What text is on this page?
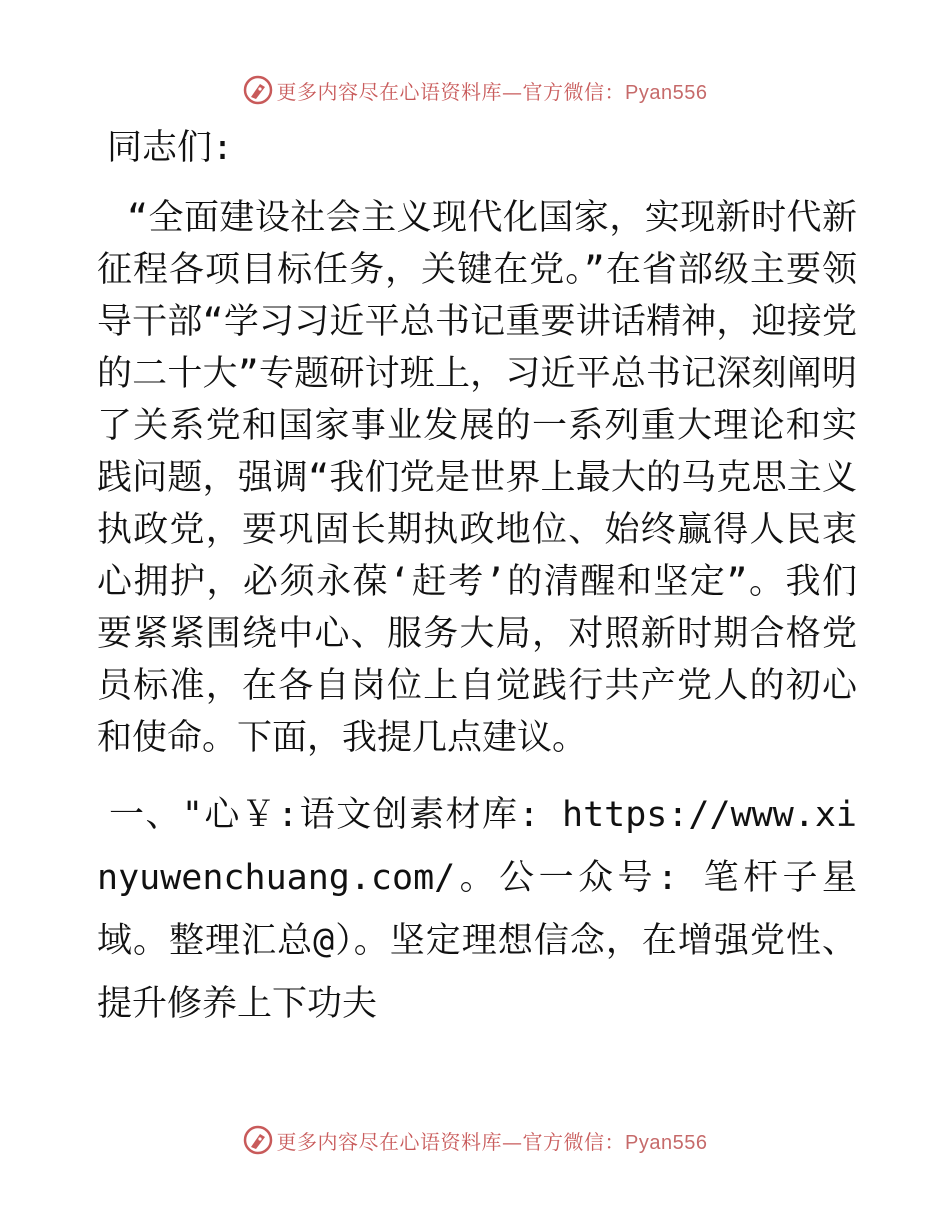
更多内容尽在心语资料库—官方微信：Pyan556

同志们:

“全面建设社会主义现代化国家，实现新时代新征程各项目标任务，关键在党。”在省部级主要领导干部“学习习近平总书记重要讲话精神，迎接党的二十大”专题研讨班上，习近平总书记深刻阐明了关系党和国家事业发展的一系列重大理论和实践问题，强调“我们党是世界上最大的马克思主义执政党，要巩固长期执政地位、始终赢得人民衷心拥护，必须永葆‘赶考’的清醒和坚定”。我们要紧紧围绕中心、服务大局，对照新时期合格党员标准，在各自岗位上自觉践行共产党人的初心和使命。下面，我提几点建议。

一、"心￥:语文创素材库: https://www.xinyuwenchuang.com/。公一众号: 笔杆子星域。整理汇总@）。坚定理想信念，在增强党性、提升修养上下功夫

更多内容尽在心语资料库—官方微信：Pyan556
